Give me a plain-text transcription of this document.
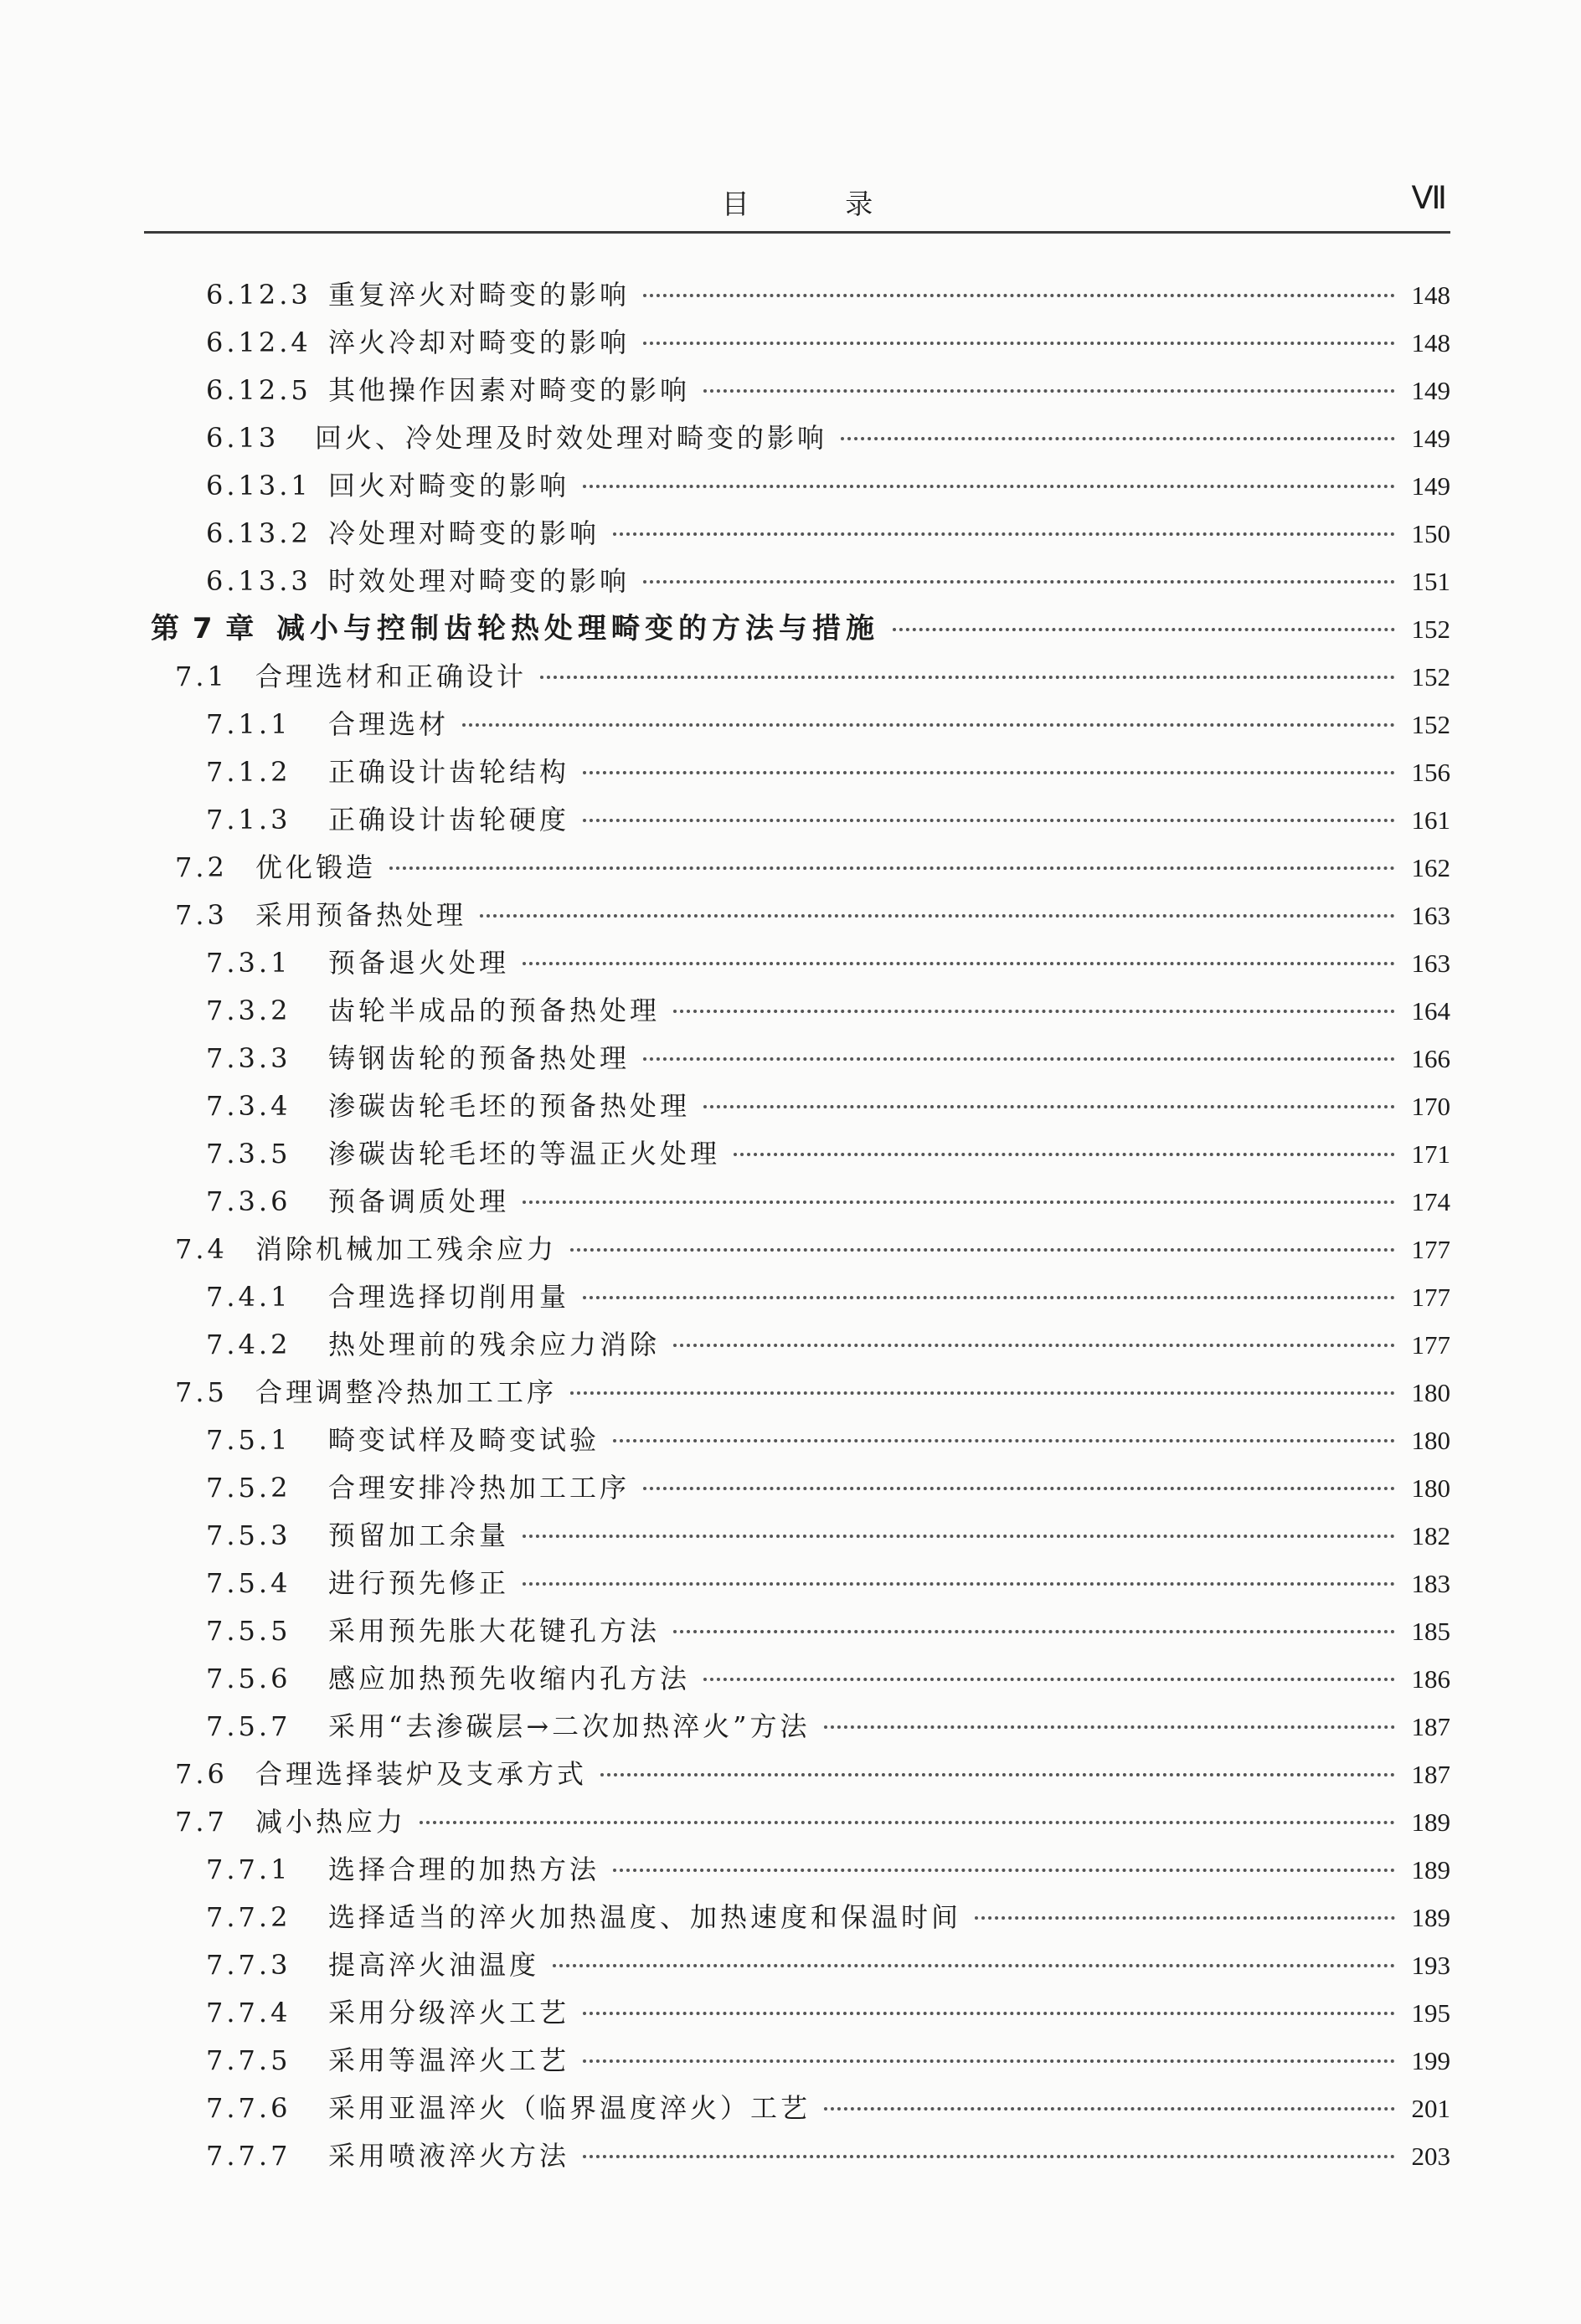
目 录	Ⅶ
6.12.3 重复淬火对畸变的影响	148
6.12.4 淬火冷却对畸变的影响	148
6.12.5 其他操作因素对畸变的影响	149
6.13	回火、冷处理及时效处理对畸变的影响	149
6.13.1 回火对畸变的影响	149
6.13.2 冷处理对畸变的影响	150
6.13.3 时效处理对畸变的影响	151
第 7 章 减小与控制齿轮热处理畸变的方法与措施	152
7.1	合理选材和正确设计	152
7.1.1	合理选材	152
7.1.2	正确设计齿轮结构	156
7.1.3	正确设计齿轮硬度	161
7.2	优化锻造	162
7.3	采用预备热处理	163
7.3.1	预备退火处理	163
7.3.2	齿轮半成品的预备热处理	164
7.3.3	铸钢齿轮的预备热处理	166
7.3.4	渗碳齿轮毛坯的预备热处理	170
7.3.5	渗碳齿轮毛坯的等温正火处理	171
7.3.6	预备调质处理	174
7.4	消除机械加工残余应力	177
7.4.1	合理选择切削用量	177
7.4.2	热处理前的残余应力消除	177
7.5	合理调整冷热加工工序	180
7.5.1	畸变试样及畸变试验	180
7.5.2	合理安排冷热加工工序	180
7.5.3	预留加工余量	182
7.5.4	进行预先修正	183
7.5.5	采用预先胀大花键孔方法	185
7.5.6	感应加热预先收缩内孔方法	186
7.5.7	采用“去渗碳层→二次加热淬火”方法	187
7.6	合理选择装炉及支承方式	187
7.7	减小热应力	189
7.7.1	选择合理的加热方法	189
7.7.2	选择适当的淬火加热温度、加热速度和保温时间	189
7.7.3	提高淬火油温度	193
7.7.4	采用分级淬火工艺	195
7.7.5	采用等温淬火工艺	199
7.7.6	采用亚温淬火（临界温度淬火）工艺	201
7.7.7	采用喷液淬火方法	203
